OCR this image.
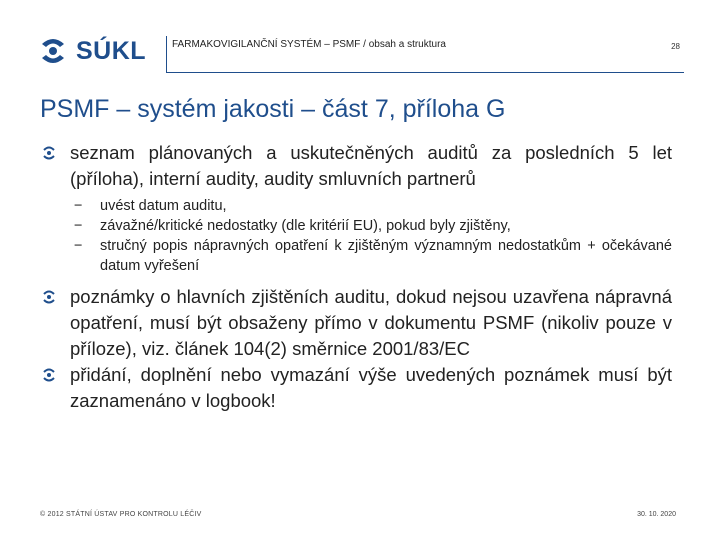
SÚKL	FARMAKOVIGILANČNÍ SYSTÉM – PSMF / obsah a struktura	28
PSMF – systém jakosti – část 7, příloha G
seznam plánovaných a uskutečněných auditů za posledních 5 let (příloha), interní audity, audity smluvních partnerů
− uvést datum auditu,
− závažné/kritické nedostatky (dle kritérií EU), pokud byly zjištěny,
− stručný popis nápravných opatření k zjištěným významným nedostatkům + očekávané datum vyřešení
poznámky o hlavních zjištěních auditu, dokud nejsou uzavřena nápravná opatření, musí být obsaženy přímo v dokumentu PSMF (nikoliv pouze v příloze), viz. článek 104(2) směrnice 2001/83/EC
přidání, doplnění nebo vymazání výše uvedených poznámek musí být zaznamenáno v logbook!
© 2012 STÁTNÍ ÚSTAV PRO KONTROLU LÉČIV	30. 10. 2020
